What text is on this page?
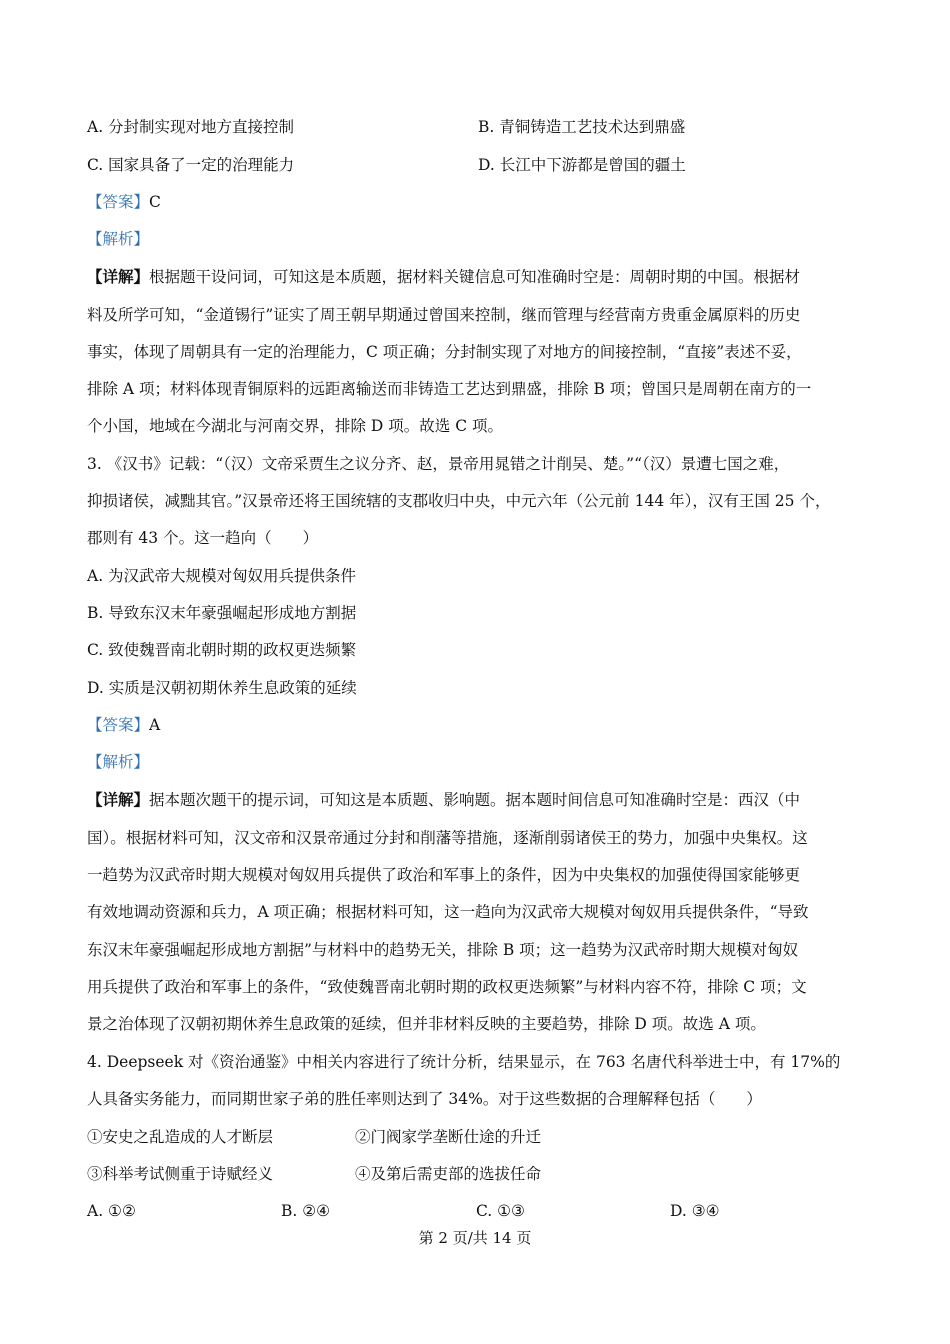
A. 分封制实现对地方直接控制	B. 青铜铸造工艺技术达到鼎盛
C. 国家具备了一定的治理能力	D. 长江中下游都是曾国的疆土
【答案】C
【解析】
【详解】根据题干设问词，可知这是本质题，据材料关键信息可知准确时空是：周朝时期的中国。根据材
料及所学可知，“金道锡行”证实了周王朝早期通过曾国来控制，继而管理与经营南方贵重金属原料的历史
事实，体现了周朝具有一定的治理能力，C 项正确；分封制实现了对地方的间接控制，“直接”表述不妥，
排除 A 项；材料体现青铜原料的远距离输送而非铸造工艺达到鼎盛，排除 B 项；曾国只是周朝在南方的一
个小国，地域在今湖北与河南交界，排除 D 项。故选 C 项。
3. 《汉书》记载：“（汉）文帝采贾生之议分齐、赵，景帝用晁错之计削吴、楚。”“（汉）景遭七国之难，
抑损诸侯，减黜其官。”汉景帝还将王国统辖的支郡收归中央，中元六年（公元前 144 年），汉有王国 25 个，
郡则有 43 个。这一趋向（　　）
A. 为汉武帝大规模对匈奴用兵提供条件
B. 导致东汉末年豪强崛起形成地方割据
C. 致使魏晋南北朝时期的政权更迭频繁
D. 实质是汉朝初期休养生息政策的延续
【答案】A
【解析】
【详解】据本题次题干的提示词，可知这是本质题、影响题。据本题时间信息可知准确时空是：西汉（中
国）。根据材料可知，汉文帝和汉景帝通过分封和削藩等措施，逐渐削弱诸侯王的势力，加强中央集权。这
一趋势为汉武帝时期大规模对匈奴用兵提供了政治和军事上的条件，因为中央集权的加强使得国家能够更
有效地调动资源和兵力，A 项正确；根据材料可知，这一趋向为汉武帝大规模对匈奴用兵提供条件，“导致
东汉末年豪强崛起形成地方割据”与材料中的趋势无关，排除 B 项；这一趋势为汉武帝时期大规模对匈奴
用兵提供了政治和军事上的条件，“致使魏晋南北朝时期的政权更迭频繁”与材料内容不符，排除 C 项；文
景之治体现了汉朝初期休养生息政策的延续，但并非材料反映的主要趋势，排除 D 项。故选 A 项。
4. Deepseek 对《资治通鉴》中相关内容进行了统计分析，结果显示，在 763 名唐代科举进士中，有 17%的
人具备实务能力，而同期世家子弟的胜任率则达到了 34%。对于这些数据的合理解释包括（　　）
①安史之乱造成的人才断层	②门阀家学垄断仕途的升迁
③科举考试侧重于诗赋经义	④及第后需吏部的选拔任命
A. ①②	B. ②④	C. ①③	D. ③④
第 2 页/共 14 页
